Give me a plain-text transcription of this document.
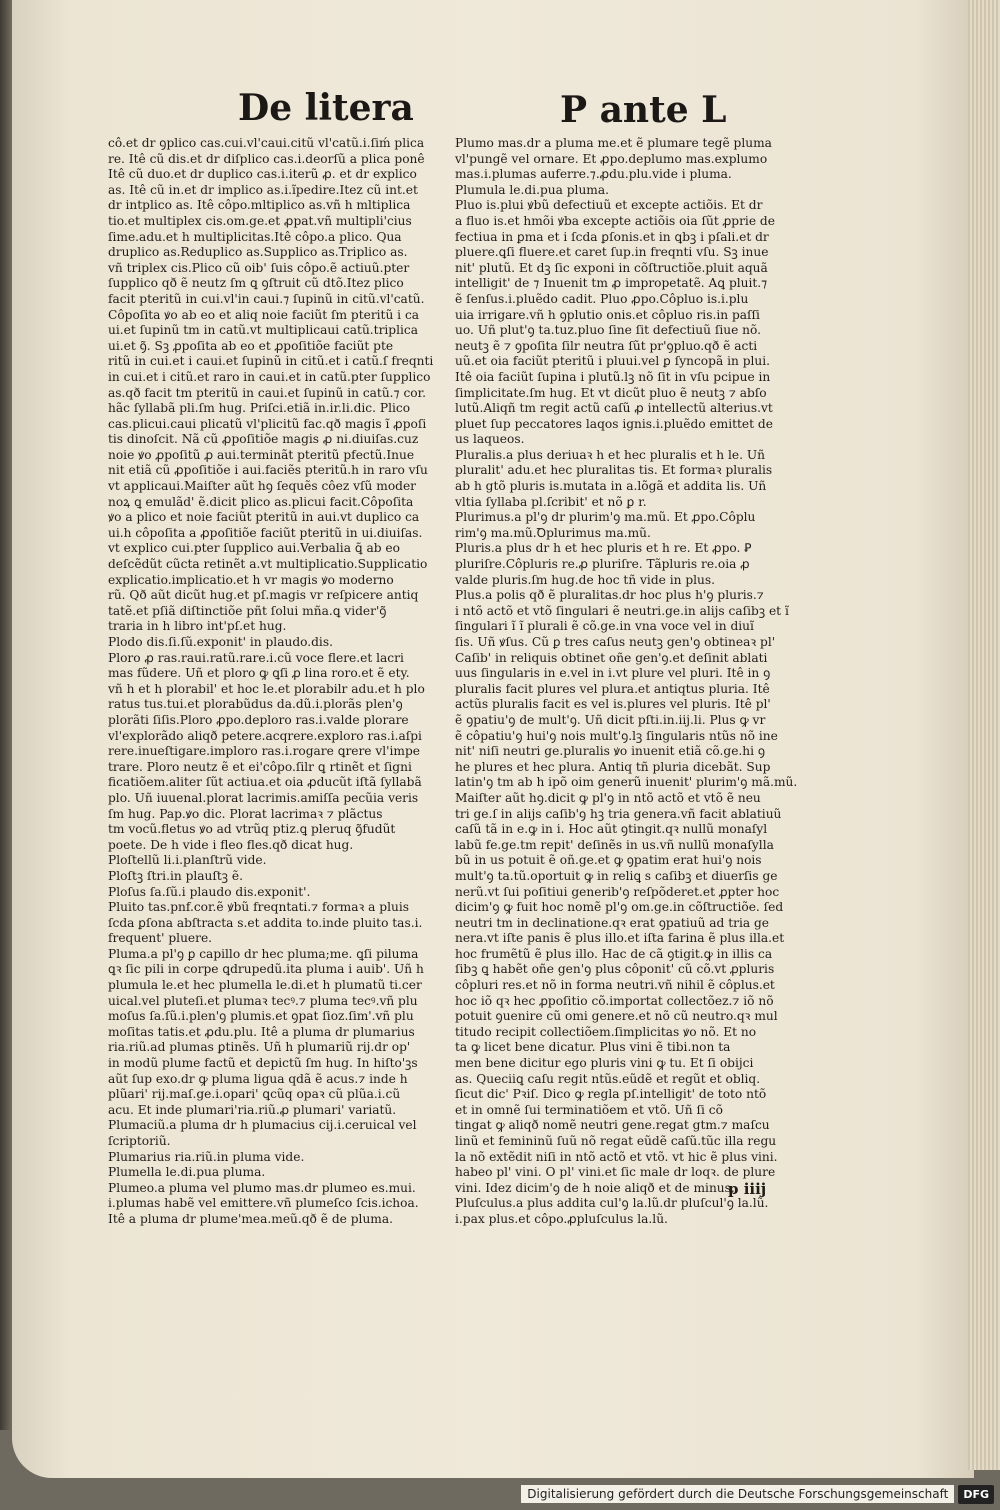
De litera	P ante L
cô.et dr ꝯplico cas.cui.vl'caui.citũ vl'catũ.i.ſiḿ plica
re. Itê cũ dis.et dr diſplico cas.i.deorſũ a plica ponê
Itê cũ duo.et dr duplico cas.i.iterũ ꝓ. et dr explico
as. Itê cũ in.et dr implico as.i.ĩpedire.Itez cũ int.et
dr intplico as. Itê côpo.mltiplico as.vñ h mltiplica
tio.et multiplex cis.om.ge.et ꝓpat.vñ multipli'cius
ſime.adu.et h multiplicitas.Itê côpo.a plico. Qua
druplico as.Reduplico as.Supplico as.Triplico as.
vñ triplex cis.Plico cũ oib' ſuis côpo.ẽ actiuũ.pter
ſupplico qð ẽ neutz ſm ꝗ ꝯſtruit cũ dtõ.Itez plico
facit pteritũ in cui.vl'in caui.⁊ ſupinũ in citũ.vl'catũ.
Côpoſita ꝟo ab eo et aliq noie faciũt ſm pteritũ i ca
ui.et ſupinũ tm in catũ.vt multiplicaui catũ.triplica
ui.et ꝯ̃. Sꝫ ꝓpoſita ab eo et ꝓpoſitiõe faciũt pte
ritũ in cui.et i caui.et ſupinũ in citũ.et i catũ.ſ freqnti
in cui.et i citũ.et raro in caui.et in catũ.pter ſupplico
as.qð facit tm pteritũ in caui.et ſupinũ in catũ.⁊ cor.
hãc ſyllabã pli.ſm hug. Priſci.etiã in.ir.li.dic. Plico
cas.plicui.caui plicatũ vl'plicitũ fac.qð magis ĩ ꝓpoſi
tis dinoſcit. Nã cũ ꝓpoſitiõe magis ꝓ ni.diuiſas.cuz
noie ꝟo ꝓpoſitũ ꝓ aui.terminãt pteritũ pfectũ.Inue
nit etiã cũ ꝓpoſitiõe i aui.faciẽs pteritũ.h in raro vſu
vt applicaui.Maiſter aũt hꝯ ſequẽs côez vſũ moder
noꝝ ꝗ emulãd' ẽ.dicit plico as.plicui facit.Côpoſita
ꝟo a plico et noie faciũt pteritũ in aui.vt duplico ca
ui.h côpoſita a ꝓpoſitiõe faciũt pteritũ in ui.diuiſas.
vt explico cui.pter ſupplico aui.Verbalia ꝗ̃ ab eo
deſcẽdũt cũcta retinẽt a.vt multiplicatio.Supplicatio
explicatio.implicatio.et h vr magis ꝟo moderno
rũ. Qð aũt dicũt hug.et pſ.magis vr reſpicere antiq
tatẽ.et pſiã diſtinctiõe pñt ſolui mña.ꝗ vider'ꝯ̃
traria in h libro int'pſ.et hug.
Plodo dis.ſi.ſũ.exponit' in plaudo.dis.
Ploro ꝓ ras.raui.ratũ.rare.i.cũ voce flere.et lacri
mas fũdere. Uñ et ploro ꝙ ꝗſi ꝓ lina roro.et ẽ ety.
vñ h et h plorabil' et hoc le.et plorabilr adu.et h plo
ratus tus.tui.et plorabũdus da.dũ.i.plorãs plen'ꝯ
plorãti ſiſis.Ploro ꝓpo.deploro ras.i.valde plorare
vl'explorãdo aliqð petere.acqrere.exploro ras.i.aſpi
rere.inueſtigare.imploro ras.i.rogare ꝗrere vl'impe
trare. Ploro neutz ẽ et ei'côpo.ſilr ꝗ rtinẽt et ſigni
ficatiõem.aliter ſũt actiua.et oia ꝓducũt iſtã ſyllabã
plo. Uñ iuuenal.plorat lacrimis.amiſſa pecũia veris
ſm hug. Pap.ꝟo dic. Plorat lacrimaꝛ ⁊ plãctus
tm vocũ.fletus ꝟo ad vtrũq ptiz.ꝗ pleruq ꝯ̃fudũt
poete. De h vide i fleo fles.qð dicat hug.
Ploſtellũ li.i.planſtrũ vide.
Ploſtꝫ ſtri.in plauſtꝫ ẽ.
Ploſus ſa.ſũ.i plaudo dis.exponit'.
Pluito tas.pnf.cor.ẽ ꝟbũ freqntati.⁊ formaꝛ a pluis
ſcda ꝑſona abſtracta s.et addita to.inde pluito tas.i.
frequent' pluere.
Pluma.a pl'ꝯ ꝑ capillo dr hec pluma;me. ꝗſi piluma
ꝗꝛ ſic pili in corpe ꝗdrupedũ.ita pluma i auib'. Uñ h
plumula le.et hec plumella le.di.et h plumatũ ti.cer
uical.vel pluteſi.et plumaꝛ tecꝰ.⁊ pluma tecꝰ.vñ plu
moſus ſa.ſũ.i.plen'ꝯ plumis.et ꝯpat ſioz.ſim'.vñ plu
moſitas tatis.et ꝓdu.plu. Itê a pluma dr plumarius
ria.riũ.ad plumas ꝑtinẽs. Uñ h plumariũ rij.dr op'
in modũ plume factũ et depictũ ſm hug. In hiſto'ꝫs
aũt ſup exo.dr ꝙ pluma ligua qdã ẽ acus.⁊ inde h
plũari' rij.maſ.ge.i.opari' ꝗcũq opaꝛ cũ plũa.i.cũ
acu. Et inde plumari'ria.riũ.ꝓ plumari' variatũ.
Plumaciũ.a pluma dr h plumacius cij.i.cerui̇cal vel
ſcriptoriũ.
Plumarius ria.riũ.in pluma vide.
Plumella le.di.pua pluma.
Plumeo.a pluma vel plumo mas.dr plumeo es.mui.
i.plumas habẽ vel emittere.vñ plumeſco ſcis.ichoa.
Itê a pluma dr plume'mea.meũ.qð ẽ de pluma.
Plumo mas.dr a pluma me.et ẽ plumare tegẽ pluma
vl'pungẽ vel ornare. Et ꝓpo.deplumo mas.explumo
mas.i.plumas auferre.⁊.ꝓdu.plu.vide i pluma.
Plumula le.di.pua pluma.
Pluo is.plui ꝟbũ defectiuũ et excepte actiõis. Et dr
a fluo is.et hmõi ꝟba excepte actiõis oia ſũt ꝓprie de
fectiua in ꝑma et i ſcda ꝑſonis.et in ꝗbꝫ i pſali.et dr
pluere.ꝗſi fluere.et caret ſup.in freqnti vſu. Sꝫ inue
nit' plutũ. Et dꝫ ſic exponi in cõſtructiõe.pluit aquã
intelligit' de ⁊ Inuenit tm ꝓ impropetatẽ. Aꝗ pluit.⁊
ẽ ſenſus.i.pluẽdo cadit. Pluo ꝓpo.Côpluo is.i.plu
uia irrigare.vñ h ꝯplutio onis.et côpluo ris.in paſſi
uo. Uñ plut'ꝯ ta.tuz.pluo ſine ſit defectiuũ ſiue nõ.
neutꝫ ẽ ⁊ ꝯpoſita ſilr neutra ſũt pr'ꝯpluo.qð ẽ acti
uũ.et oia faciũt pteritũ i pluui.vel ꝑ ſyncopã in plui.
Itê oia faciũt ſupina i plutũ.lꝫ nõ ſit in vſu pcipue in
ſimplicitate.ſm hug. Et vt dicũt pluo ẽ neutꝫ ⁊ abſo
lutũ.Aliqñ tm regit actũ caſũ ꝓ intellectũ alterius.vt
pluet ſup peccatores laqos ignis.i.pluẽdo emittet de
us laqueos.
Pluralis.a plus deriuaꝛ h et hec pluralis et h le. Uñ
pluralit' adu.et hec pluralitas tis. Et formaꝛ pluralis
ab h gtõ pluris is.mutata in a.lõgã et addita lis. Uñ
vltia ſyllaba pl.ſcribit' et nõ ꝑ r.
Plurimus.a pl'ꝯ dr plurim'ꝯ ma.mũ. Et ꝓpo.Côplu
rim'ꝯ ma.mũ.Ꝺplurimus ma.mũ.
Pluris.a plus dr h et hec pluris et h re. Et ꝓpo. Ꝑ
pluriſre.Côpluris re.ꝓ pluriſre. Tãpluris re.oia ꝓ
valde pluris.ſm hug.de hoc tñ vide in plus.
Plus.a polis qð ẽ pluralitas.dr hoc plus h'ꝯ pluris.⁊
i ntõ actõ et vtõ ſingulari ẽ neutri.ge.in alijs caſibꝫ et ĩ
ſingulari ĩ ĩ plurali ẽ cõ.ge.in vna voce vel in diuĩ
ſis. Uñ ꝟſus. Cũ ꝑ tres caſus neutꝫ gen'ꝯ obtineaꝛ pl'
Caſib' in reliquis obtinet oñe gen'ꝯ.et deſinit ablati
uus ſingularis in e.vel in i.vt plure vel pluri. Itê in ꝯ
pluralis facit plures vel plura.et antiqtus pluria. Itê
actũs pluralis facit es vel is.plures vel pluris. Itê pl'
ẽ ꝯpatiu'ꝯ de mult'ꝯ. Uñ dicit pſti.in.iij.li. Plus ꝙ vr
ẽ côpatiu'ꝯ hui'ꝯ nois mult'ꝯ.lꝫ ſingularis ntũs nõ ine
nit' niſi neutri ge.pluralis ꝟo inuenit etiã cõ.ge.hi ꝯ
he plures et hec plura. Antiq tñ pluria dicebãt. Sup
latin'ꝯ tm ab h ipõ oim generũ inuenit' plurim'ꝯ mã.mũ.
Maiſter aũt hꝯ.dicit ꝙ pl'ꝯ in ntõ actõ et vtõ ẽ neu
tri ge.ſ in alijs caſib'ꝯ hꝫ tria genera.vñ facit ablatiuũ
caſũ tã in e.ꝙ in i. Hoc aũt ꝯtingit.qꝛ nullũ monaſyl
labũ fe.ge.tm repit' deſinẽs in us.vñ nullũ monaſylla
bũ in us potuit ẽ oñ.ge.et ꝙ ꝯpatim erat hui'ꝯ nois
mult'ꝯ ta.tũ.oportuit ꝙ in reliꝗ s caſibꝫ et diuerſis ge
nerũ.vt ſui poſitiui generib'ꝯ reſpõderet.et ꝓpter hoc
dicim'ꝯ ꝙ fuit hoc nomẽ pl'ꝯ om.ge.in cõſtructiõe. ſed
neutri tm in declinatione.qꝛ erat ꝯpatiuũ ad tria ge
nera.vt iſte panis ẽ plus illo.et iſta farina ẽ plus illa.et
hoc frumẽtũ ẽ plus illo. Hac de cã ꝯtigit.ꝙ in illis ca
ſibꝫ ꝗ habẽt oñe gen'ꝯ plus côponit' cũ cõ.vt ꝓpluris
côpluri res.et nõ in forma neutri.vñ nihil ẽ côplus.et
hoc iõ qꝛ hec ꝓpoſitio cõ.importat collectõez.⁊ iõ nõ
potuit ꝯuenire cũ omi genere.et nõ cũ neutro.qꝛ mul
titudo recipit collectiõem.ſimplicitas ꝟo nõ. Et no
ta ꝙ licet bene dicatur. Plus vini ẽ tibi.non ta
men bene dicitur ego pluris vini ꝙ tu. Et ſi obijci
as. Queciiꝗ caſu regit ntũs.eũdẽ et regũt et obliq.
ſicut dic' Pꝛiſ. Dico ꝙ regla pſ.intelligit' de toto ntõ
et in omnẽ ſui terminatiõem et vtõ. Uñ ſi cõ
tingat ꝙ aliqð nomẽ neutri gene.regat gtm.⁊ maſcu
linũ et femininũ ſuũ nõ regat eũdẽ caſũ.tũc illa regu
la nõ extẽdit niſi in ntõ actõ et vtõ. vt hic ẽ plus vini.
habeo pl' vini. O pl' vini.et ſic male dr loqꝛ. de plure
vini. Idez dicim'ꝯ de h noie aliqð et de minus.
Pluſculus.a plus addita cul'ꝯ la.lũ.dr pluſcul'ꝯ la.lũ.
i.pax plus.et côpo.ꝓpluſculus la.lũ.
p iiij
Digitalisierung gefördert durch die Deutsche Forschungsgemeinschaft	DFG
